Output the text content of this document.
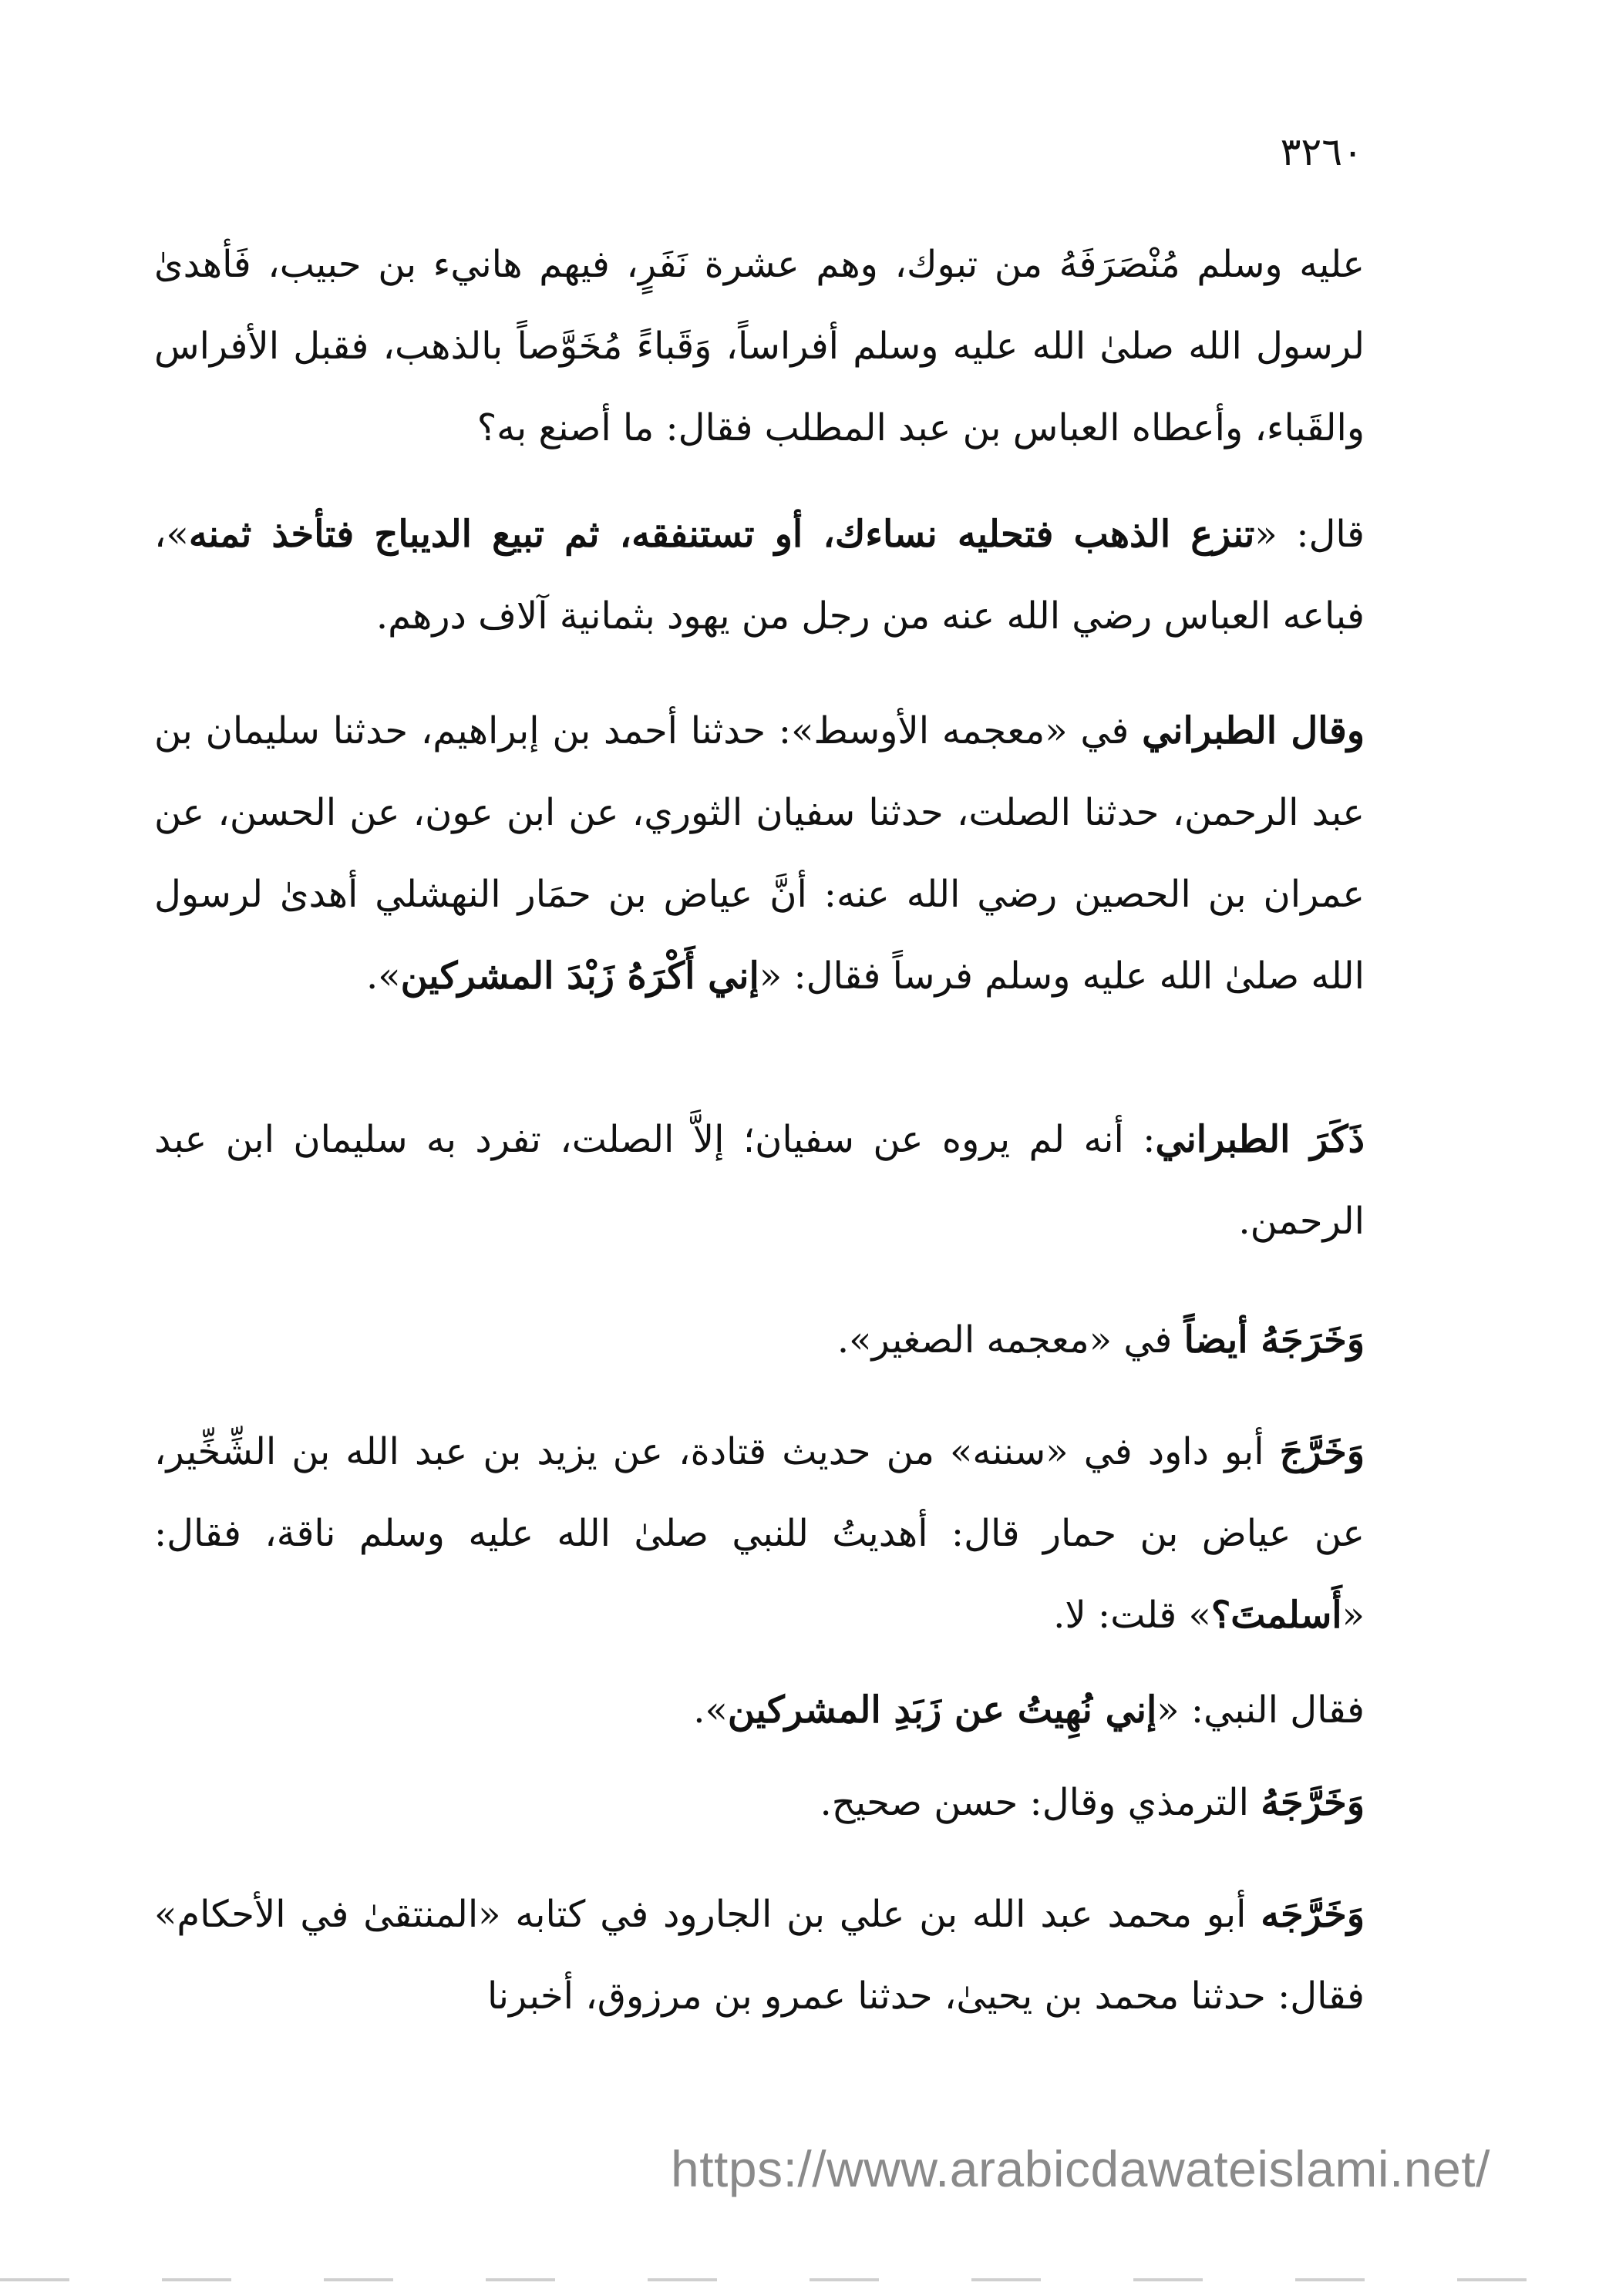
٣٢٦٠

عليه وسلم مُنْصَرَفَهُ من تبوك، وهم عشرة نَفَرٍ، فيهم هانيء بن حبيب، فَأهدىٰ لرسول الله صلىٰ الله عليه وسلم أفراساً، وَقَباءً مُخَوَّصاً بالذهب، فقبل الأفراس والقَباء، وأعطاه العباس بن عبد المطلب فقال: ما أصنع به؟

قال: «تنزع الذهب فتحليه نساءك، أو تستنفقه، ثم تبيع الديباج فتأخذ ثمنه»، فباعه العباس رضي الله عنه من رجل من يهود بثمانية آلاف درهم.

وقال الطبراني في «معجمه الأوسط»: حدثنا أحمد بن إبراهيم، حدثنا سليمان بن عبد الرحمن، حدثنا الصلت، حدثنا سفيان الثوري، عن ابن عون، عن الحسن، عن عمران بن الحصين رضي الله عنه: أنَّ عياض بن حمَار النهشلي أهدىٰ لرسول الله صلىٰ الله عليه وسلم فرساً فقال: «إني أَكْرَهُ زَبْدَ المشركين».

ذَكَرَ الطبراني: أنه لم يروه عن سفيان؛ إلاَّ الصلت، تفرد به سليمان ابن عبد الرحمن.

وَخَرَجَهُ أيضاً في «معجمه الصغير».

وَخَرَّجَ أبو داود في «سننه» من حديث قتادة، عن يزيد بن عبد الله بن الشِّخِّير، عن عياض بن حمار قال: أهديتُ للنبي صلىٰ الله عليه وسلم ناقة، فقال: «أَسلمتَ؟» قلت: لا.

فقال النبي: «إني نُهِيتُ عن زَبَدِ المشركين».

وَخَرَّجَهُ الترمذي وقال: حسن صحيح.

وَخَرَّجَه أبو محمد عبد الله بن علي بن الجارود في كتابه «المنتقىٰ في الأحكام» فقال: حدثنا محمد بن يحيىٰ، حدثنا عمرو بن مرزوق، أخبرنا

https://www.arabicdawateislami.net/
